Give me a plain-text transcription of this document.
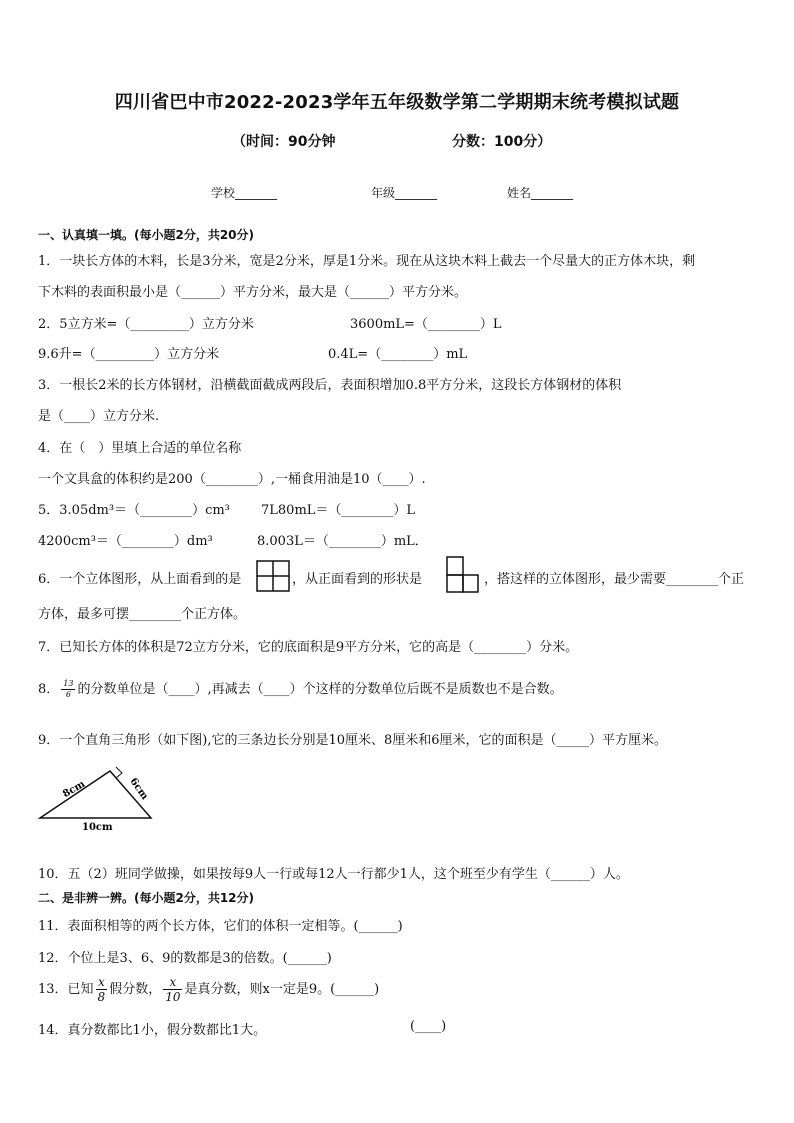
四川省巴中市2022-2023学年五年级数学第二学期期末统考模拟试题
（时间：90分钟	分数：100分）
学校_______	年级_______	姓名_______
一、认真填一填。(每小题2分，共20分)
1．一块长方体的木料，长是3分米，宽是2分米，厚是1分米。现在从这块木料上截去一个尽量大的正方体木块，剩
下木料的表面积最小是（______）平方分米，最大是（______）平方分米。
2．5立方米=（_________）立方分米	3600mL=（________）L
9.6升=（_________）立方分米	0.4L=（________）mL
3．一根长2米的长方体钢材，沿横截面截成两段后，表面积增加0.8平方分米，这段长方体钢材的体积
是（____）立方分米.
4．在（　）里填上合适的单位名称
一个文具盒的体积约是200（________）,一桶食用油是10（____）.
5．3.05dm³＝（________）cm³ 7L80mL＝（________）L
4200cm³＝（________）dm³	8.003L＝（________）mL．
6．一个立体图形，从上面看到的是	，从正面看到的形状是	，搭这样的立体图形，最少需要________个正
方体，最多可摆________个正方体。
7．已知长方体的体积是72立方分米，它的底面积是9平方分米，它的高是（________）分米。
8． $\frac{13}{6}$ 的分数单位是（____）,再减去（____）个这样的分数单位后既不是质数也不是合数。
9．一个直角三角形（如下图),它的三条边长分别是10厘米、8厘米和6厘米，它的面积是（_____）平方厘米。
8cm	6cm
10cm
10．五（2）班同学做操，如果按每9人一行或每12人一行都少1人，这个班至少有学生（______）人。
二、是非辨一辨。(每小题2分，共12分)
11．表面积相等的两个长方体，它们的体积一定相等。(______)
12．个位上是3、6、9的数都是3的倍数。(______)
13．已知 $\frac{x}{8}$ 假分数， $\frac{x}{10}$ 是真分数，则x一定是9。(______)
14．真分数都比1小，假分数都比1大。	(____)
